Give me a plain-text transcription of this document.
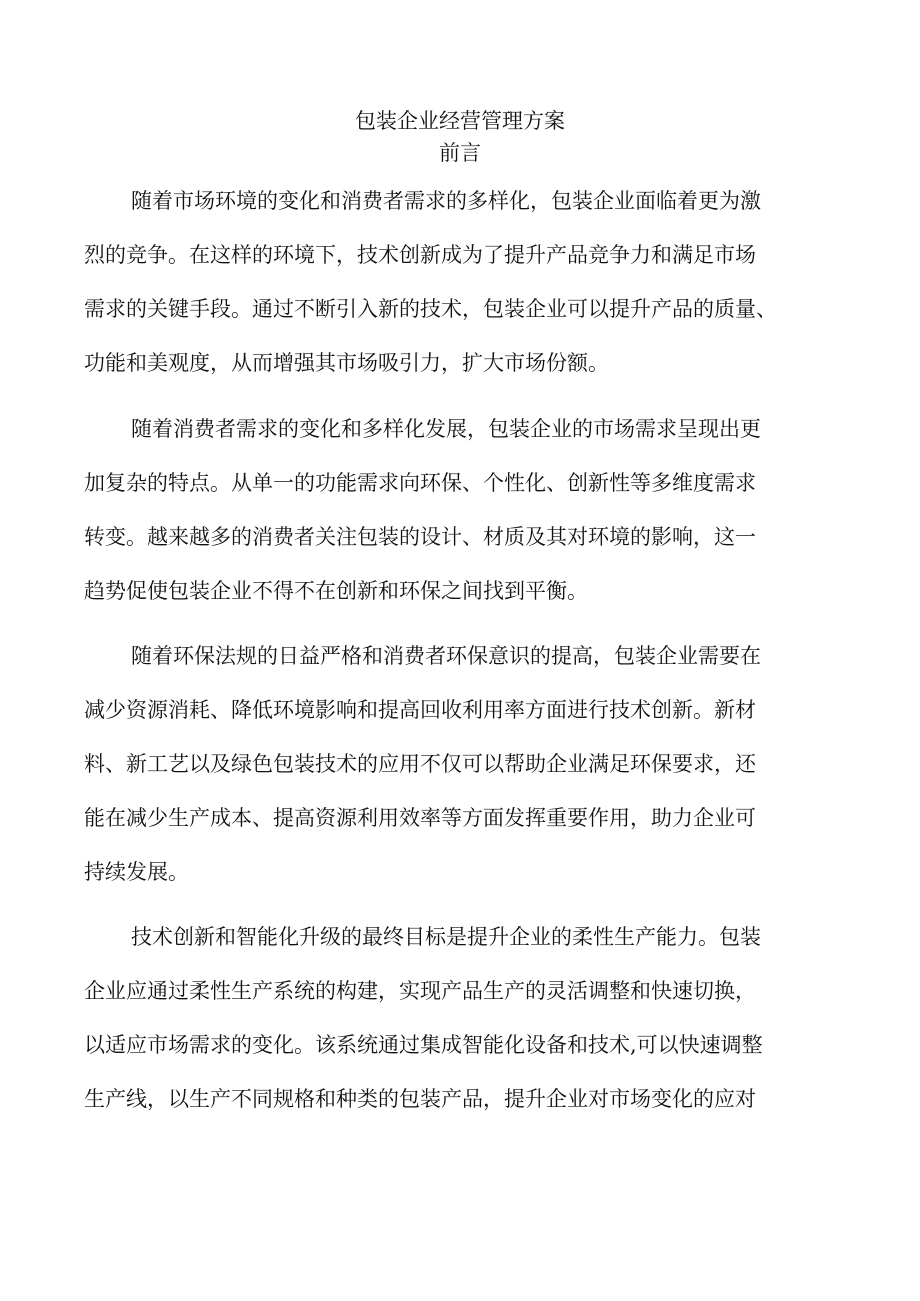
包装企业经营管理方案
前言

随着市场环境的变化和消费者需求的多样化，包装企业面临着更为激

烈的竞争。在这样的环境下，技术创新成为了提升产品竞争力和满足市场

需求的关键手段。通过不断引入新的技术，包装企业可以提升产品的质量、

功能和美观度，从而增强其市场吸引力，扩大市场份额。

随着消费者需求的变化和多样化发展，包装企业的市场需求呈现出更

加复杂的特点。从单一的功能需求向环保、个性化、创新性等多维度需求

转变。越来越多的消费者关注包装的设计、材质及其对环境的影响，这一

趋势促使包装企业不得不在创新和环保之间找到平衡。

随着环保法规的日益严格和消费者环保意识的提高，包装企业需要在

减少资源消耗、降低环境影响和提高回收利用率方面进行技术创新。新材

料、新工艺以及绿色包装技术的应用不仅可以帮助企业满足环保要求，还

能在减少生产成本、提高资源利用效率等方面发挥重要作用，助力企业可

持续发展。

技术创新和智能化升级的最终目标是提升企业的柔性生产能力。包装

企业应通过柔性生产系统的构建，实现产品生产的灵活调整和快速切换，

以适应市场需求的变化。该系统通过集成智能化设备和技术,可以快速调整

生产线，以生产不同规格和种类的包装产品，提升企业对市场变化的应对
